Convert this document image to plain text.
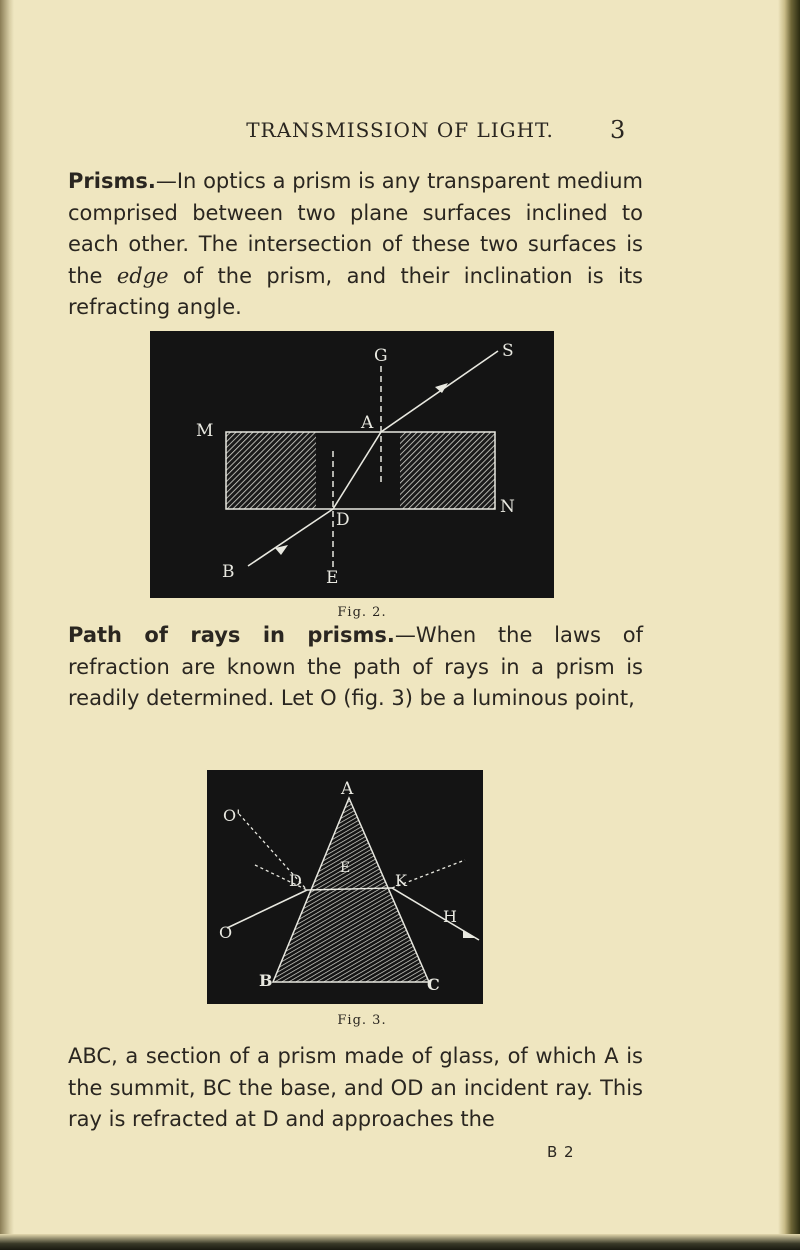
TRANSMISSION OF LIGHT. 3

Prisms.—In optics a prism is any transparent medium comprised between two plane surfaces inclined to each other. The intersection of these two surfaces is the edge of the prism, and their inclination is its refracting angle.

G	S
M	A
N
D
B	E
Fig. 2.

Path of rays in prisms.—When the laws of refraction are known the path of rays in a prism is readily determined. Let O (fig. 3) be a luminous point,

O'
A
D
E
K
H
O
B	C
Fig. 3.

ABC, a section of a prism made of glass, of which A is the summit, BC the base, and OD an incident ray. This ray is refracted at D and approaches the

B 2
